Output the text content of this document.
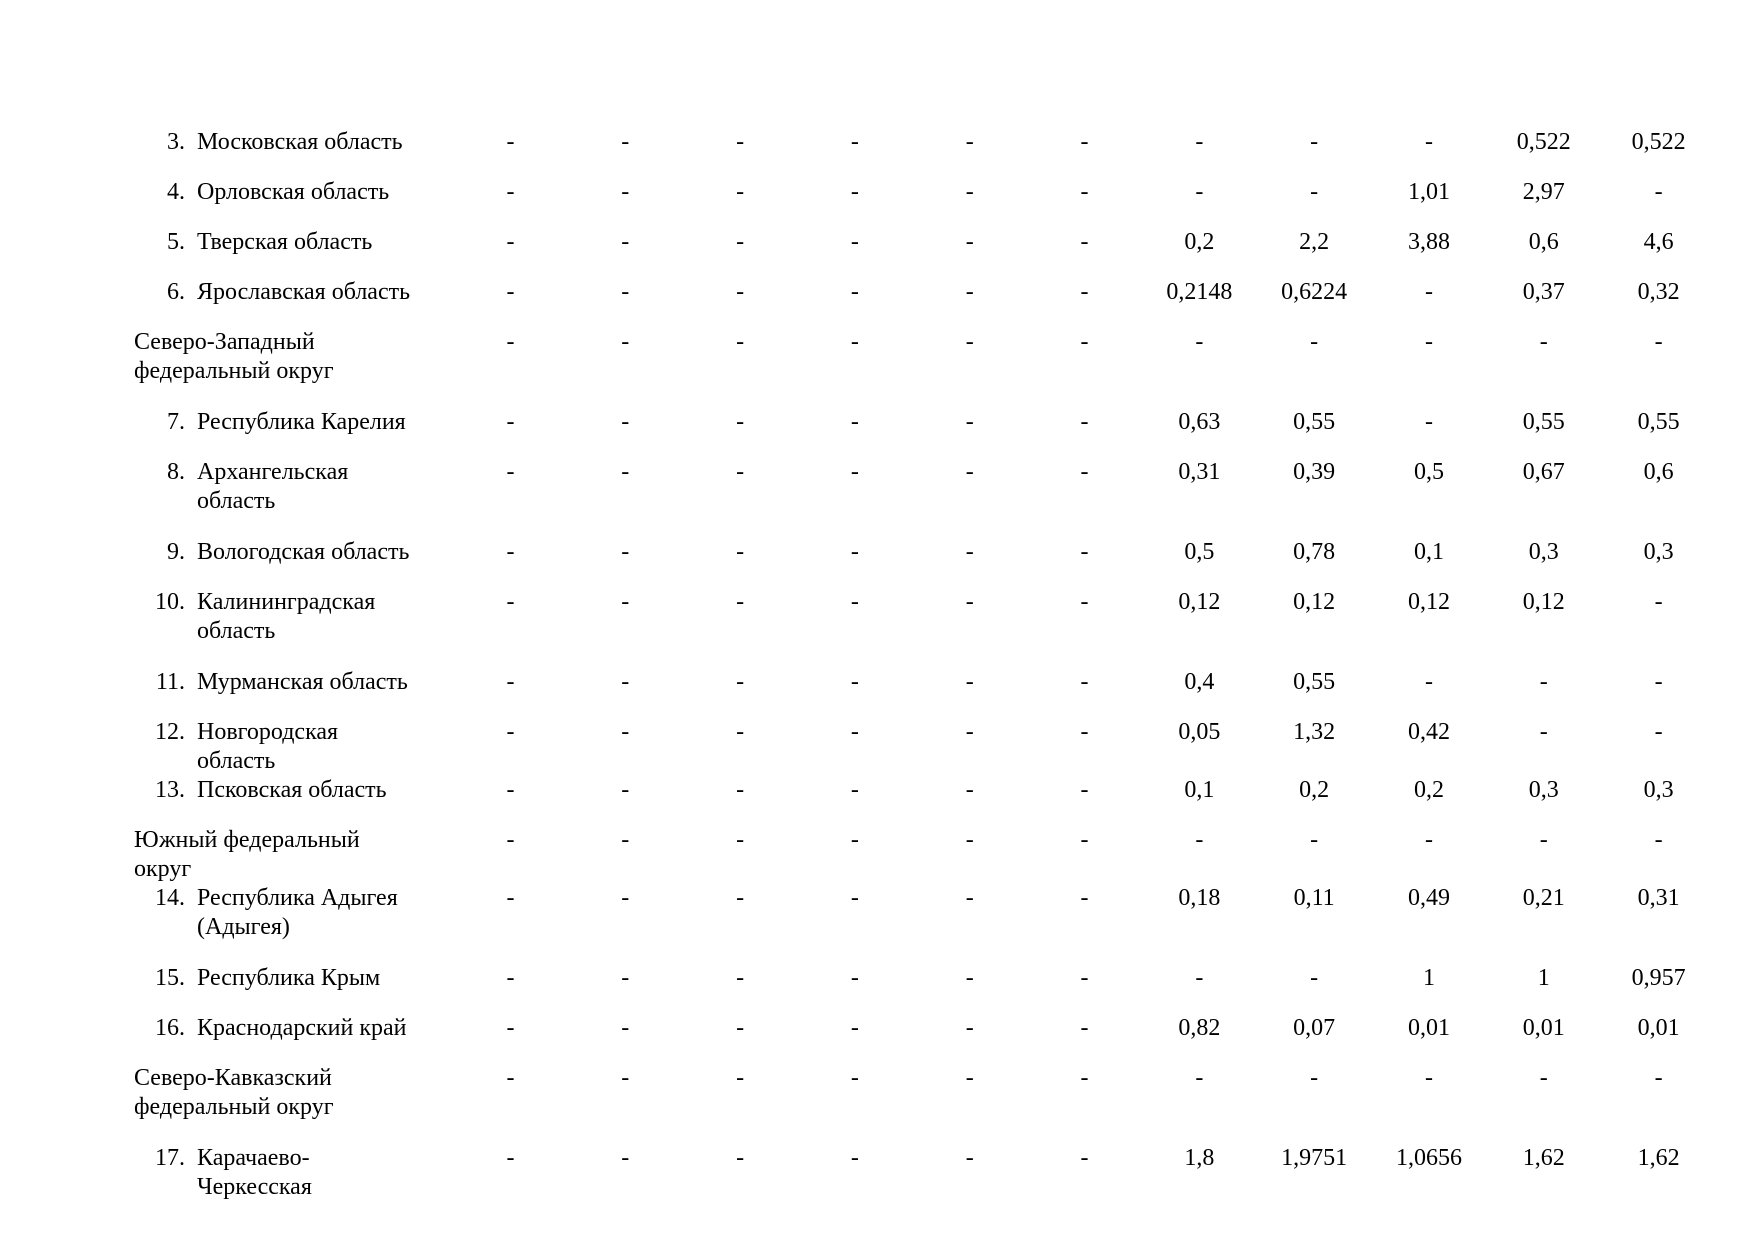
3.	Московская область	-	-	-	-	-	-	-	-	-	0,522	0,522
4.	Орловская область	-	-	-	-	-	-	-	-	1,01	2,97	-
5.	Тверская область	-	-	-	-	-	-	0,2	2,2	3,88	0,6	4,6
6.	Ярославская область	-	-	-	-	-	-	0,2148	0,6224	-	0,37	0,32
Северо-Западный федеральный округ	-	-	-	-	-	-	-	-	-	-	-
7.	Республика Карелия	-	-	-	-	-	-	0,63	0,55	-	0,55	0,55
8.	Архангельская область	-	-	-	-	-	-	0,31	0,39	0,5	0,67	0,6
9.	Вологодская область	-	-	-	-	-	-	0,5	0,78	0,1	0,3	0,3
10.	Калининградская область	-	-	-	-	-	-	0,12	0,12	0,12	0,12	-
11.	Мурманская область	-	-	-	-	-	-	0,4	0,55	-	-	-
12.	Новгородская область	-	-	-	-	-	-	0,05	1,32	0,42	-	-
13.	Псковская область	-	-	-	-	-	-	0,1	0,2	0,2	0,3	0,3
Южный федеральный округ	-	-	-	-	-	-	-	-	-	-	-
14.	Республика Адыгея (Адыгея)	-	-	-	-	-	-	0,18	0,11	0,49	0,21	0,31
15.	Республика Крым	-	-	-	-	-	-	-	-	1	1	0,957
16.	Краснодарский край	-	-	-	-	-	-	0,82	0,07	0,01	0,01	0,01
Северо-Кавказский федеральный округ	-	-	-	-	-	-	-	-	-	-	-
17.	Карачаево-Черкесская	-	-	-	-	-	-	1,8	1,9751	1,0656	1,62	1,62
